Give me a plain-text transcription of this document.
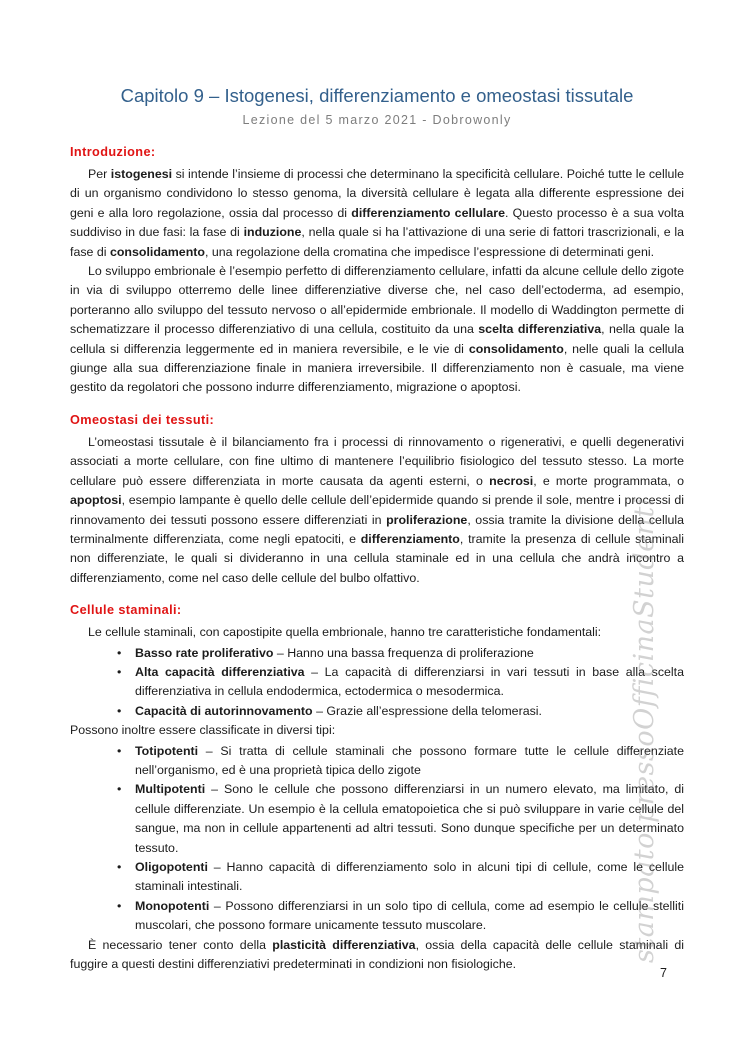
Capitolo 9 – Istogenesi, differenziamento e omeostasi tissutale
Lezione del 5 marzo 2021 - Dobrowonly
Introduzione:

Per istogenesi si intende l’insieme di processi che determinano la specificità cellulare. Poiché tutte le cellule di un organismo condividono lo stesso genoma, la diversità cellulare è legata alla differente espressione dei geni e alla loro regolazione, ossia dal processo di differenziamento cellulare. Questo processo è a sua volta suddiviso in due fasi: la fase di induzione, nella quale si ha l’attivazione di una serie di fattori trascrizionali, e la fase di consolidamento, una regolazione della cromatina che impedisce l’espressione di determinati geni.

Lo sviluppo embrionale è l’esempio perfetto di differenziamento cellulare, infatti da alcune cellule dello zigote in via di sviluppo otterremo delle linee differenziative diverse che, nel caso dell’ectoderma, ad esempio, porteranno allo sviluppo del tessuto nervoso o all’epidermide embrionale. Il modello di Waddington permette di schematizzare il processo differenziativo di una cellula, costituito da una scelta differenziativa, nella quale la cellula si differenzia leggermente ed in maniera reversibile, e le vie di consolidamento, nelle quali la cellula giunge alla sua differenziazione finale in maniera irreversibile. Il differenziamento non è casuale, ma viene gestito da regolatori che possono indurre differenziamento, migrazione o apoptosi.

Omeostasi dei tessuti:

L’omeostasi tissutale è il bilanciamento fra i processi di rinnovamento o rigenerativi, e quelli degenerativi associati a morte cellulare, con fine ultimo di mantenere l’equilibrio fisiologico del tessuto stesso. La morte cellulare può essere differenziata in morte causata da agenti esterni, o necrosi, e morte programmata, o apoptosi, esempio lampante è quello delle cellule dell’epidermide quando si prende il sole, mentre i processi di rinnovamento dei tessuti possono essere differenziati in proliferazione, ossia tramite la divisione della cellula terminalmente differenziata, come negli epatociti, e differenziamento, tramite la presenza di cellule staminali non differenziate, le quali si divideranno in una cellula staminale ed in una cellula che andrà incontro a differenziamento, come nel caso delle cellule del bulbo olfattivo.

Cellule staminali:

Le cellule staminali, con capostipite quella embrionale, hanno tre caratteristiche fondamentali:

• Basso rate proliferativo – Hanno una bassa frequenza di proliferazione
• Alta capacità differenziativa – La capacità di differenziarsi in vari tessuti in base alla scelta differenziativa in cellula endodermica, ectodermica o mesodermica.
• Capacità di autorinnovamento – Grazie all’espressione della telomerasi.

Possono inoltre essere classificate in diversi tipi:

• Totipotenti – Si tratta di cellule staminali che possono formare tutte le cellule differenziate nell’organismo, ed è una proprietà tipica dello zigote
• Multipotenti – Sono le cellule che possono differenziarsi in un numero elevato, ma limitato, di cellule differenziate. Un esempio è la cellula ematopoietica che si può sviluppare in varie cellule del sangue, ma non in cellule appartenenti ad altri tessuti. Sono dunque specifiche per un determinato tessuto.
• Oligopotenti – Hanno capacità di differenziamento solo in alcuni tipi di cellule, come le cellule staminali intestinali.
• Monopotenti – Possono differenziarsi in un solo tipo di cellula, come ad esempio le cellule stelliti muscolari, che possono formare unicamente tessuto muscolare.

È necessario tener conto della plasticità differenziativa, ossia della capacità delle cellule staminali di fuggire a questi destini differenziativi predeterminati in condizioni non fisiologiche.

stampato pressoOfficinaStudenti
7
